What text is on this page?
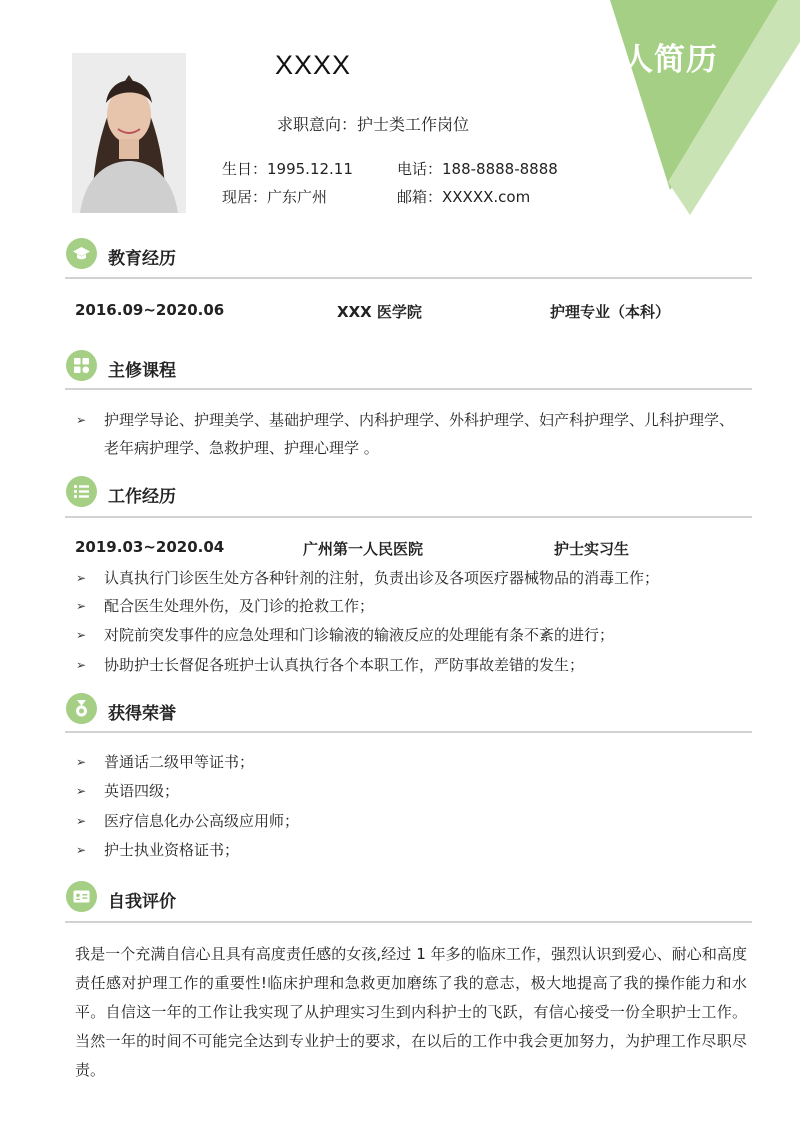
个人简历
XXXX
求职意向：护士类工作岗位
生日：1995.12.11	电话：188-8888-8888
现居：广东广州	邮箱：XXXXX.com
教育经历
2016.09~2020.06	XXX 医学院	护理专业（本科）
主修课程
➢	护理学导论、护理美学、基础护理学、内科护理学、外科护理学、妇产科护理学、儿科护理学、老年病护理学、急救护理、护理心理学 。
工作经历
2019.03~2020.04	广州第一人民医院	护士实习生
➢	认真执行门诊医生处方各种针剂的注射，负责出诊及各项医疗器械物品的消毒工作；
➢	配合医生处理外伤，及门诊的抢救工作；
➢	对院前突发事件的应急处理和门诊输液的输液反应的处理能有条不紊的进行；
➢	协助护士长督促各班护士认真执行各个本职工作，严防事故差错的发生；
获得荣誉
➢	普通话二级甲等证书；
➢	英语四级；
➢	医疗信息化办公高级应用师；
➢	护士执业资格证书；
自我评价
我是一个充满自信心且具有高度责任感的女孩,经过 1 年多的临床工作，强烈认识到爱心、耐心和高度责任感对护理工作的重要性!临床护理和急救更加磨练了我的意志，极大地提高了我的操作能力和水平。自信这一年的工作让我实现了从护理实习生到内科护士的飞跃，有信心接受一份全职护士工作。当然一年的时间不可能完全达到专业护士的要求，在以后的工作中我会更加努力，为护理工作尽职尽责。
